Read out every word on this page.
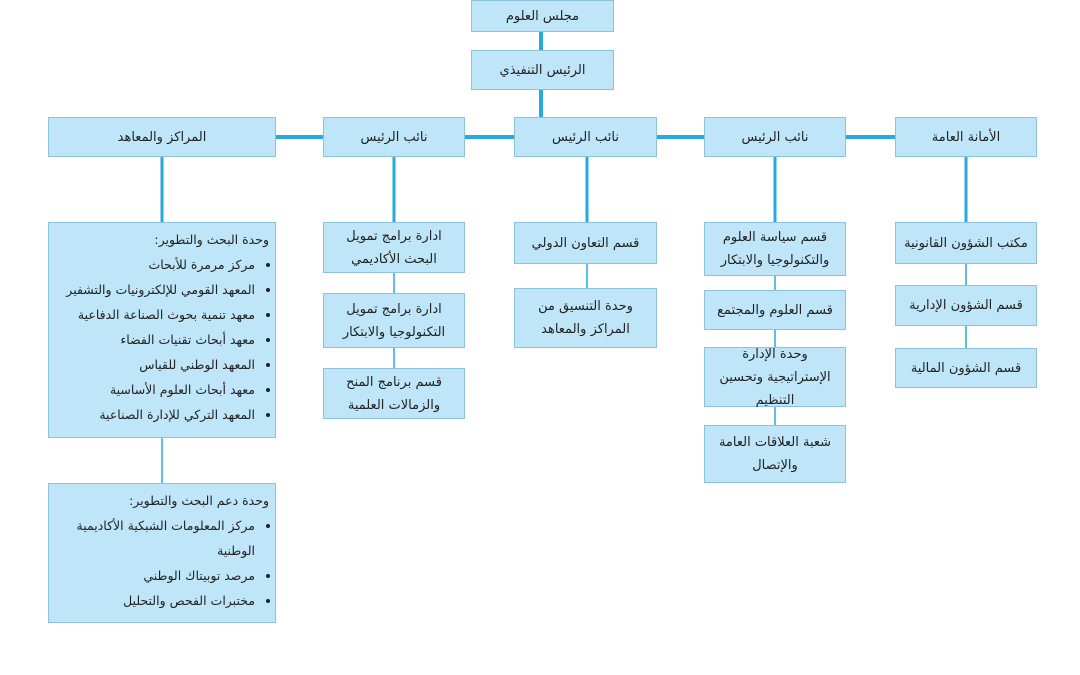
مجلس العلوم
الرئيس التنفيذي
المراكز والمعاهد	نائب الرئيس	نائب الرئيس	نائب الرئيس	الأمانة العامة
مكتب الشؤون القانونية
قسم الشؤون الإدارية
قسم الشؤون المالية
قسم سياسة العلوم والتكنولوجيا والابتكار
قسم العلوم والمجتمع
وحدة الإدارة الإستراتيجية وتحسين التنظيم
شعبة العلاقات العامة والإتصال
قسم التعاون الدولي
وحدة التنسيق من المراكز والمعاهد
ادارة برامج تمويل البحث الأكاديمي
ادارة برامج تمويل التكنولوجيا والابتكار
قسم برنامج المنح والزمالات العلمية
وحدة البحث والتطوير:
• مركز مرمرة للأبحاث
• المعهد القومي للإلكترونيات والتشفير
• معهد تنمية بحوث الصناعة الدفاعية
• معهد أبحاث تقنيات الفضاء
• المعهد الوطني للقياس
• معهد أبحاث العلوم الأساسية
• المعهد التركي للإدارة الصناعية
وحدة دعم البحث والتطوير:
• مركز المعلومات الشبكية الأكاديمية الوطنية
• مرصد توبيتاك الوطني
• مختبرات الفحص والتحليل
